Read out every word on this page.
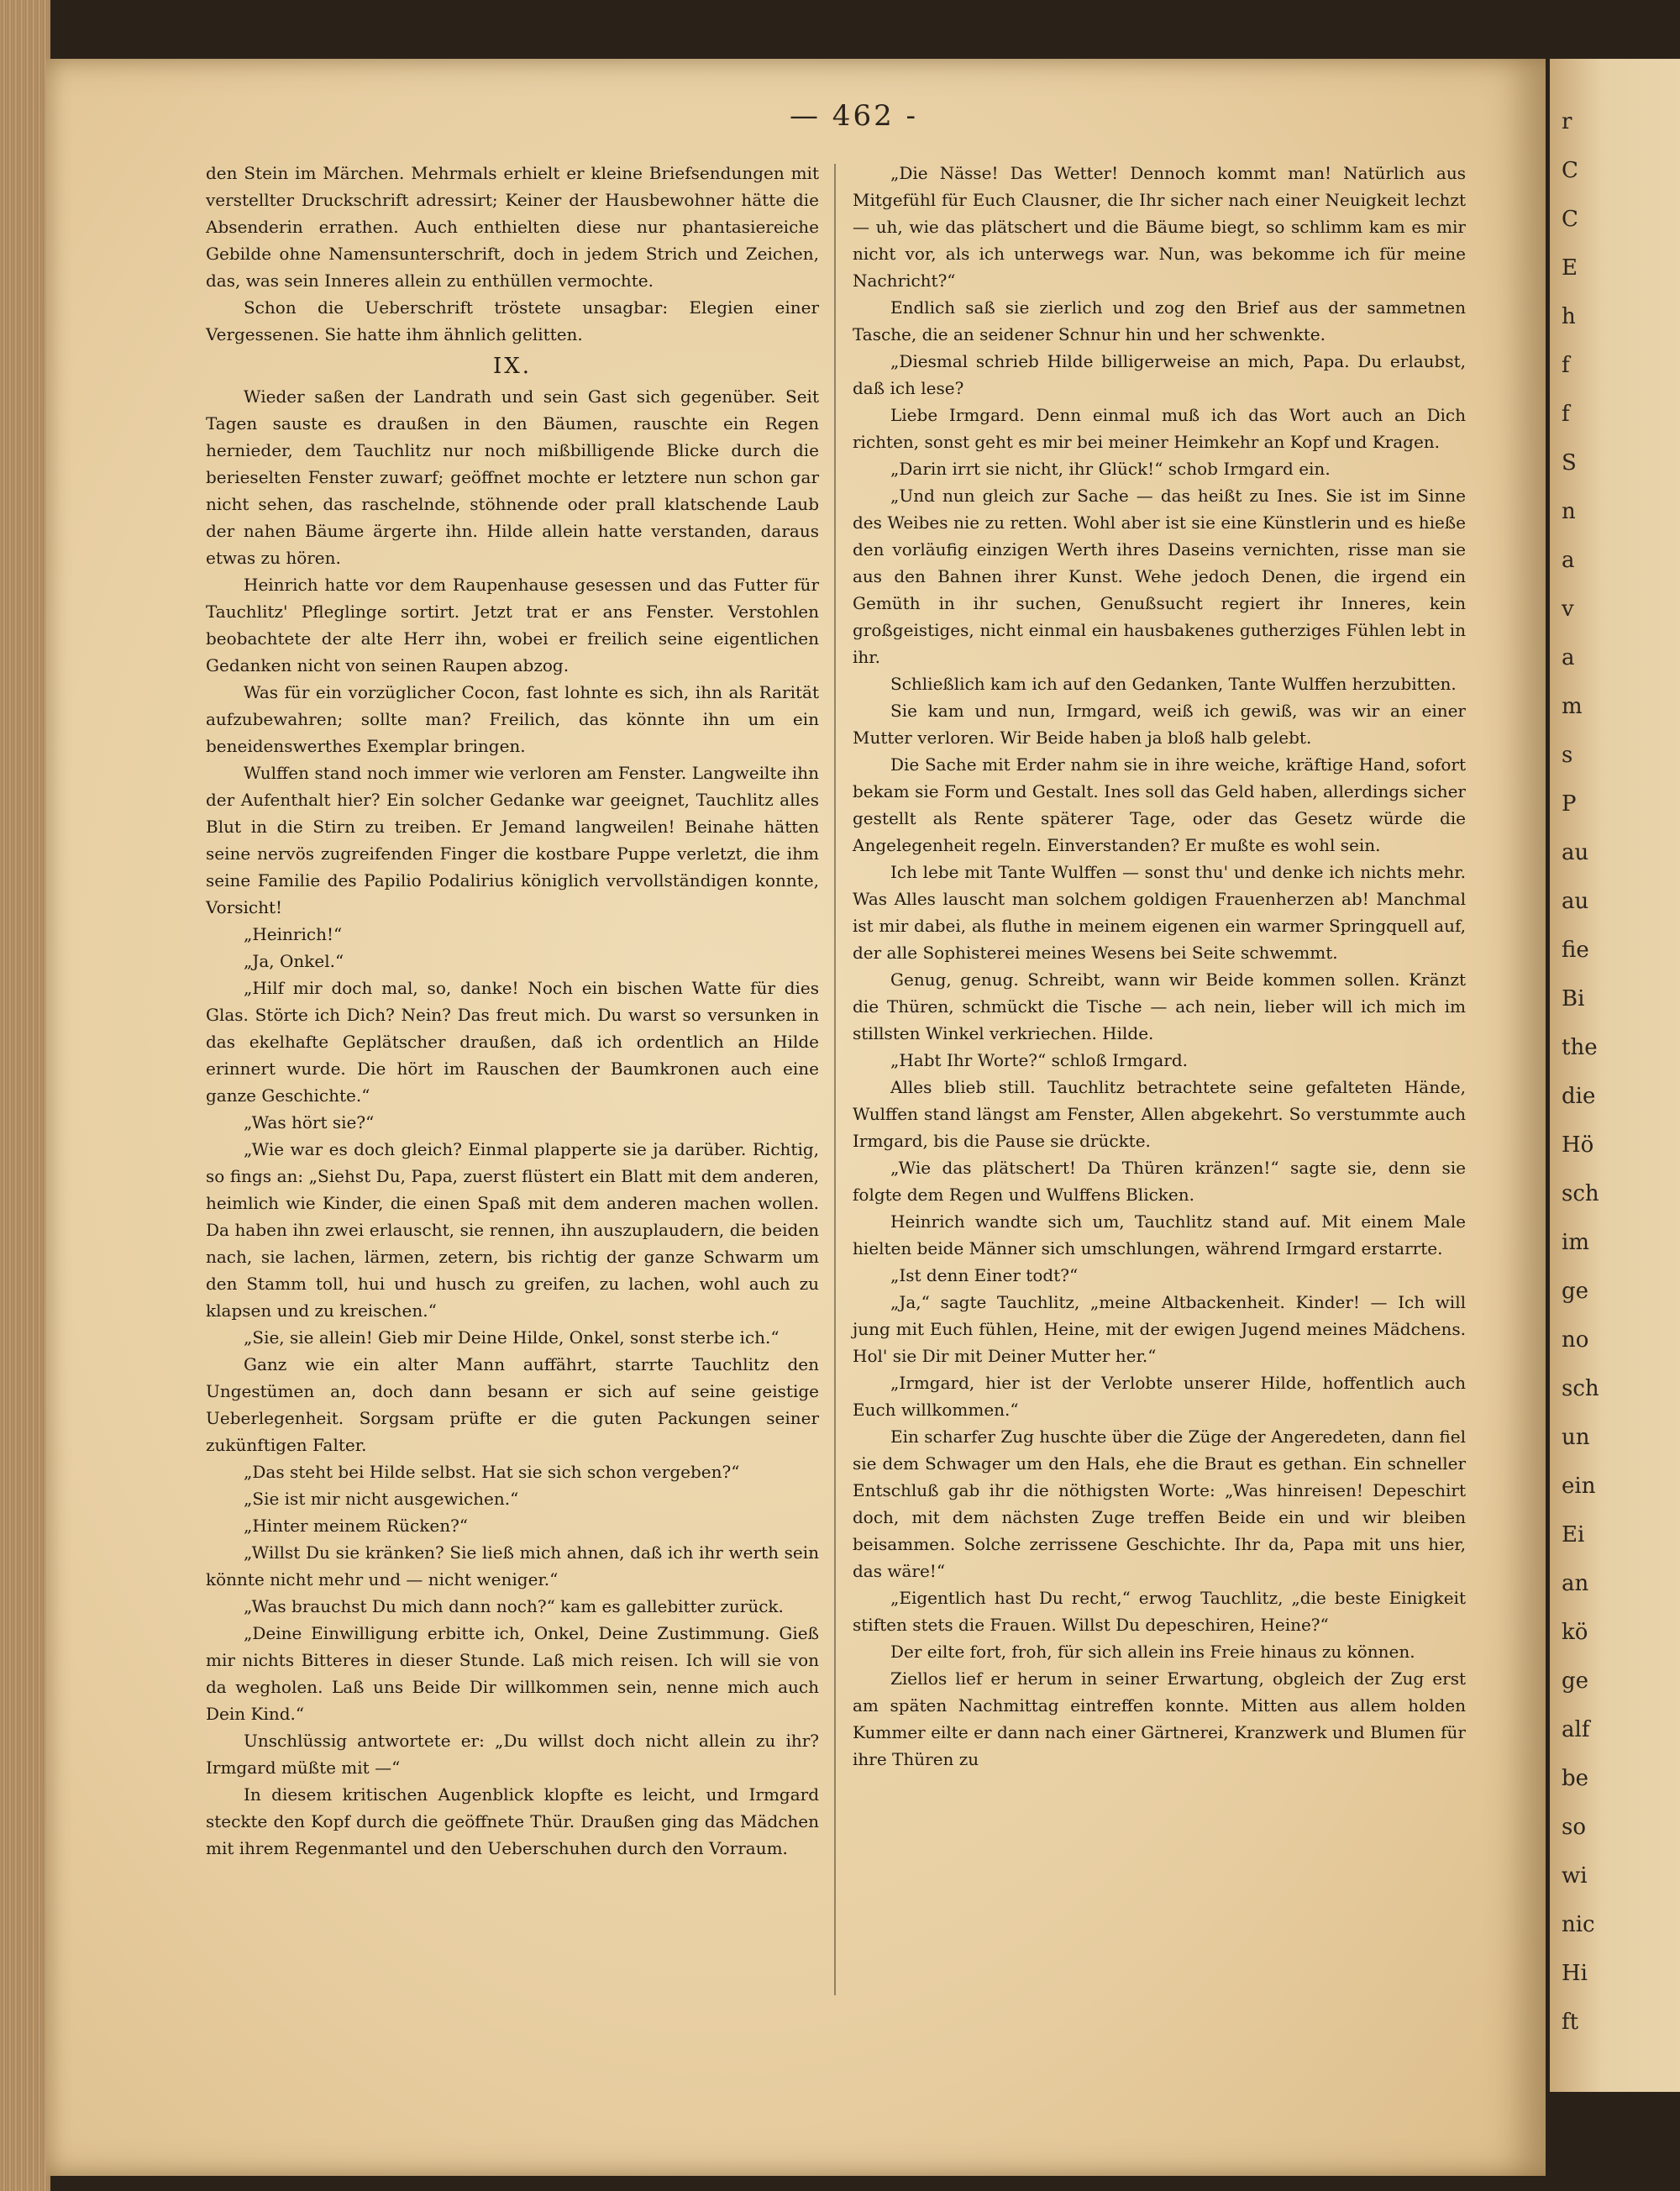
r
C
C
E
h
f
f
S
n
a
v
a
m
s
P
au
au
fie
Bi
the
die
Hö
sch
im
ge
no
sch
un
ein
Ei
an
kö
ge
alf
be
so
wi
nic
Hi
ft
— 462 -

den Stein im Märchen. Mehrmals erhielt er kleine Briefsendungen mit verstellter Druckschrift adressirt; Keiner der Hausbewohner hätte die Absenderin errathen. Auch enthielten diese nur phantasiereiche Gebilde ohne Namensunterschrift, doch in jedem Strich und Zeichen, das, was sein Inneres allein zu enthüllen vermochte.

Schon die Ueberschrift tröstete unsagbar: Elegien einer Vergessenen. Sie hatte ihm ähnlich gelitten.

IX.

Wieder saßen der Landrath und sein Gast sich gegenüber. Seit Tagen sauste es draußen in den Bäumen, rauschte ein Regen hernieder, dem Tauchlitz nur noch mißbilligende Blicke durch die berieselten Fenster zuwarf; geöffnet mochte er letztere nun schon gar nicht sehen, das raschelnde, stöhnende oder prall klatschende Laub der nahen Bäume ärgerte ihn. Hilde allein hatte verstanden, daraus etwas zu hören.

Heinrich hatte vor dem Raupenhause gesessen und das Futter für Tauchlitz' Pfleglinge sortirt. Jetzt trat er ans Fenster. Verstohlen beobachtete der alte Herr ihn, wobei er freilich seine eigentlichen Gedanken nicht von seinen Raupen abzog.

Was für ein vorzüglicher Cocon, fast lohnte es sich, ihn als Rarität aufzubewahren; sollte man? Freilich, das könnte ihn um ein beneidenswerthes Exemplar bringen.

Wulffen stand noch immer wie verloren am Fenster. Langweilte ihn der Aufenthalt hier? Ein solcher Gedanke war geeignet, Tauchlitz alles Blut in die Stirn zu treiben. Er Jemand langweilen! Beinahe hätten seine nervös zugreifenden Finger die kostbare Puppe verletzt, die ihm seine Familie des Papilio Podalirius königlich vervollständigen konnte, Vorsicht!

„Heinrich!“

„Ja, Onkel.“

„Hilf mir doch mal, so, danke! Noch ein bischen Watte für dies Glas. Störte ich Dich? Nein? Das freut mich. Du warst so versunken in das ekelhafte Geplätscher draußen, daß ich ordentlich an Hilde erinnert wurde. Die hört im Rauschen der Baumkronen auch eine ganze Geschichte.“

„Was hört sie?“

„Wie war es doch gleich? Einmal plapperte sie ja darüber. Richtig, so fings an: „Siehst Du, Papa, zuerst flüstert ein Blatt mit dem anderen, heimlich wie Kinder, die einen Spaß mit dem anderen machen wollen. Da haben ihn zwei erlauscht, sie rennen, ihn auszuplaudern, die beiden nach, sie lachen, lärmen, zetern, bis richtig der ganze Schwarm um den Stamm toll, hui und husch zu greifen, zu lachen, wohl auch zu klapsen und zu kreischen.“

„Sie, sie allein! Gieb mir Deine Hilde, Onkel, sonst sterbe ich.“

Ganz wie ein alter Mann auffährt, starrte Tauchlitz den Ungestümen an, doch dann besann er sich auf seine geistige Ueberlegenheit. Sorgsam prüfte er die guten Packungen seiner zukünftigen Falter.

„Das steht bei Hilde selbst. Hat sie sich schon vergeben?“

„Sie ist mir nicht ausgewichen.“

„Hinter meinem Rücken?“

„Willst Du sie kränken? Sie ließ mich ahnen, daß ich ihr werth sein könnte nicht mehr und — nicht weniger.“

„Was brauchst Du mich dann noch?“ kam es gallebitter zurück.

„Deine Einwilligung erbitte ich, Onkel, Deine Zustimmung. Gieß mir nichts Bitteres in dieser Stunde. Laß mich reisen. Ich will sie von da wegholen. Laß uns Beide Dir willkommen sein, nenne mich auch Dein Kind.“

Unschlüssig antwortete er: „Du willst doch nicht allein zu ihr? Irmgard müßte mit —“

In diesem kritischen Augenblick klopfte es leicht, und Irmgard steckte den Kopf durch die geöffnete Thür. Draußen ging das Mädchen mit ihrem Regenmantel und den Ueberschuhen durch den Vorraum.

„Die Nässe! Das Wetter! Dennoch kommt man! Natürlich aus Mitgefühl für Euch Clausner, die Ihr sicher nach einer Neuigkeit lechzt — uh, wie das plätschert und die Bäume biegt, so schlimm kam es mir nicht vor, als ich unterwegs war. Nun, was bekomme ich für meine Nachricht?“

Endlich saß sie zierlich und zog den Brief aus der sammetnen Tasche, die an seidener Schnur hin und her schwenkte.

„Diesmal schrieb Hilde billigerweise an mich, Papa. Du erlaubst, daß ich lese?

Liebe Irmgard. Denn einmal muß ich das Wort auch an Dich richten, sonst geht es mir bei meiner Heimkehr an Kopf und Kragen.

„Darin irrt sie nicht, ihr Glück!“ schob Irmgard ein.

„Und nun gleich zur Sache — das heißt zu Ines. Sie ist im Sinne des Weibes nie zu retten. Wohl aber ist sie eine Künstlerin und es hieße den vorläufig einzigen Werth ihres Daseins vernichten, risse man sie aus den Bahnen ihrer Kunst. Wehe jedoch Denen, die irgend ein Gemüth in ihr suchen, Genußsucht regiert ihr Inneres, kein großgeistiges, nicht einmal ein hausbakenes gutherziges Fühlen lebt in ihr.

Schließlich kam ich auf den Gedanken, Tante Wulffen herzubitten.

Sie kam und nun, Irmgard, weiß ich gewiß, was wir an einer Mutter verloren. Wir Beide haben ja bloß halb gelebt.

Die Sache mit Erder nahm sie in ihre weiche, kräftige Hand, sofort bekam sie Form und Gestalt. Ines soll das Geld haben, allerdings sicher gestellt als Rente späterer Tage, oder das Gesetz würde die Angelegenheit regeln. Einverstanden? Er mußte es wohl sein.

Ich lebe mit Tante Wulffen — sonst thu' und denke ich nichts mehr. Was Alles lauscht man solchem goldigen Frauenherzen ab! Manchmal ist mir dabei, als fluthe in meinem eigenen ein warmer Springquell auf, der alle Sophisterei meines Wesens bei Seite schwemmt.

Genug, genug. Schreibt, wann wir Beide kommen sollen. Kränzt die Thüren, schmückt die Tische — ach nein, lieber will ich mich im stillsten Winkel verkriechen. Hilde.

„Habt Ihr Worte?“ schloß Irmgard.

Alles blieb still. Tauchlitz betrachtete seine gefalteten Hände, Wulffen stand längst am Fenster, Allen abgekehrt. So verstummte auch Irmgard, bis die Pause sie drückte.

„Wie das plätschert! Da Thüren kränzen!“ sagte sie, denn sie folgte dem Regen und Wulffens Blicken.

Heinrich wandte sich um, Tauchlitz stand auf. Mit einem Male hielten beide Männer sich umschlungen, während Irmgard erstarrte.

„Ist denn Einer todt?“

„Ja,“ sagte Tauchlitz, „meine Altbackenheit. Kinder! — Ich will jung mit Euch fühlen, Heine, mit der ewigen Jugend meines Mädchens. Hol' sie Dir mit Deiner Mutter her.“

„Irmgard, hier ist der Verlobte unserer Hilde, hoffentlich auch Euch willkommen.“

Ein scharfer Zug huschte über die Züge der Angeredeten, dann fiel sie dem Schwager um den Hals, ehe die Braut es gethan. Ein schneller Entschluß gab ihr die nöthigsten Worte: „Was hinreisen! Depeschirt doch, mit dem nächsten Zuge treffen Beide ein und wir bleiben beisammen. Solche zerrissene Geschichte. Ihr da, Papa mit uns hier, das wäre!“

„Eigentlich hast Du recht,“ erwog Tauchlitz, „die beste Einigkeit stiften stets die Frauen. Willst Du depeschiren, Heine?“

Der eilte fort, froh, für sich allein ins Freie hinaus zu können.

Ziellos lief er herum in seiner Erwartung, obgleich der Zug erst am späten Nachmittag eintreffen konnte. Mitten aus allem holden Kummer eilte er dann nach einer Gärtnerei, Kranzwerk und Blumen für ihre Thüren zu
